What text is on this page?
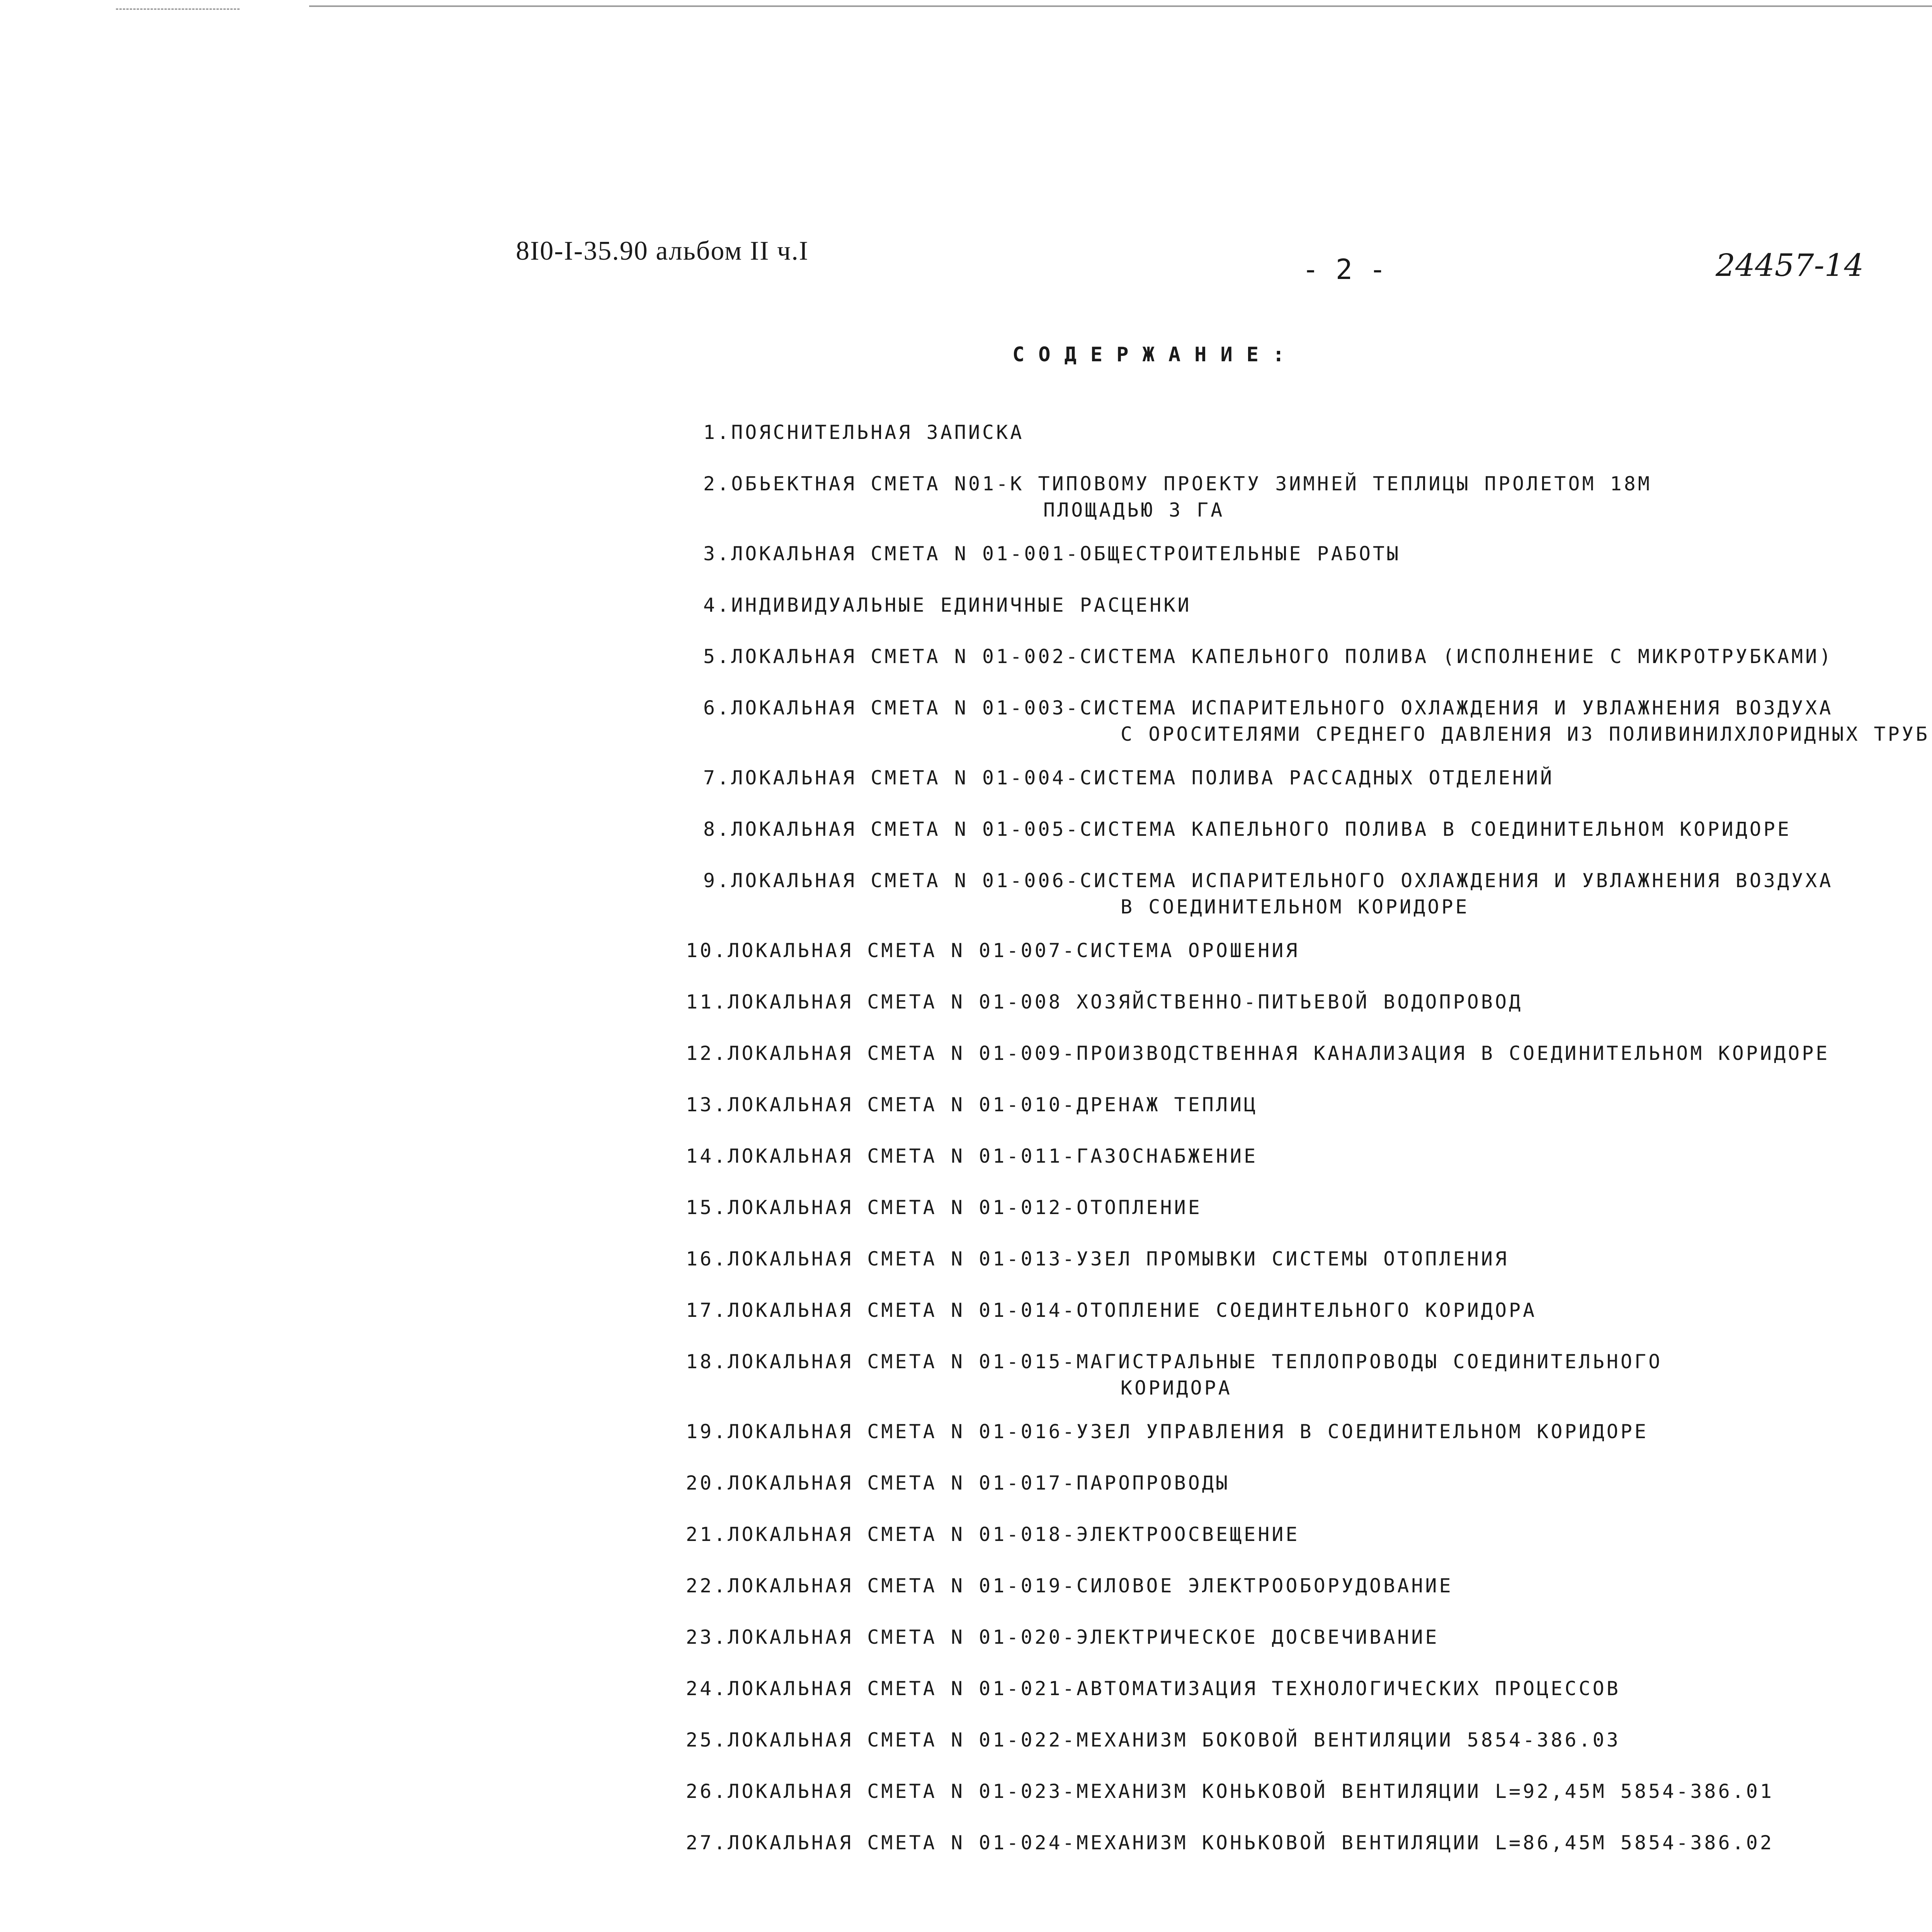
8I0-I-35.90 альбом II ч.I
- 2 -	24457-14
СОДЕРЖАНИЕ:
1.ПОЯСНИТЕЛЬНАЯ ЗАПИСКА
2.ОБЬЕКТНАЯ СМЕТА N01-К ТИПОВОМУ ПРОЕКТУ ЗИМНЕЙ ТЕПЛИЦЫ ПРОЛЕТОМ 18М
ПЛОЩАДЬЮ 3 ГА
3.ЛОКАЛЬНАЯ СМЕТА N 01-001-ОБЩЕСТРОИТЕЛЬНЫЕ РАБОТЫ
4.ИНДИВИДУАЛЬНЫЕ ЕДИНИЧНЫЕ РАСЦЕНКИ
5.ЛОКАЛЬНАЯ СМЕТА N 01-002-СИСТЕМА КАПЕЛЬНОГО ПОЛИВА (ИСПОЛНЕНИЕ С МИКРОТРУБКАМИ)
6.ЛОКАЛЬНАЯ СМЕТА N 01-003-СИСТЕМА ИСПАРИТЕЛЬНОГО ОХЛАЖДЕНИЯ И УВЛАЖНЕНИЯ ВОЗДУХА
С ОРОСИТЕЛЯМИ СРЕДНЕГО ДАВЛЕНИЯ ИЗ ПОЛИВИНИЛХЛОРИДНЫХ ТРУБ
7.ЛОКАЛЬНАЯ СМЕТА N 01-004-СИСТЕМА ПОЛИВА РАССАДНЫХ ОТДЕЛЕНИЙ
8.ЛОКАЛЬНАЯ СМЕТА N 01-005-СИСТЕМА КАПЕЛЬНОГО ПОЛИВА В СОЕДИНИТЕЛЬНОМ КОРИДОРЕ
9.ЛОКАЛЬНАЯ СМЕТА N 01-006-СИСТЕМА ИСПАРИТЕЛЬНОГО ОХЛАЖДЕНИЯ И УВЛАЖНЕНИЯ ВОЗДУХА
В СОЕДИНИТЕЛЬНОМ КОРИДОРЕ
10.ЛОКАЛЬНАЯ СМЕТА N 01-007-СИСТЕМА ОРОШЕНИЯ
11.ЛОКАЛЬНАЯ СМЕТА N 01-008 ХОЗЯЙСТВЕННО-ПИТЬЕВОЙ ВОДОПРОВОД
12.ЛОКАЛЬНАЯ СМЕТА N 01-009-ПРОИЗВОДСТВЕННАЯ КАНАЛИЗАЦИЯ В СОЕДИНИТЕЛЬНОМ КОРИДОРЕ
13.ЛОКАЛЬНАЯ СМЕТА N 01-010-ДРЕНАЖ ТЕПЛИЦ
14.ЛОКАЛЬНАЯ СМЕТА N 01-011-ГАЗОСНАБЖЕНИЕ
15.ЛОКАЛЬНАЯ СМЕТА N 01-012-ОТОПЛЕНИЕ
16.ЛОКАЛЬНАЯ СМЕТА N 01-013-УЗЕЛ ПРОМЫВКИ СИСТЕМЫ ОТОПЛЕНИЯ
17.ЛОКАЛЬНАЯ СМЕТА N 01-014-ОТОПЛЕНИЕ СОЕДИНТЕЛЬНОГО КОРИДОРА
18.ЛОКАЛЬНАЯ СМЕТА N 01-015-МАГИСТРАЛЬНЫЕ ТЕПЛОПРОВОДЫ СОЕДИНИТЕЛЬНОГО
КОРИДОРА
19.ЛОКАЛЬНАЯ СМЕТА N 01-016-УЗЕЛ УПРАВЛЕНИЯ В СОЕДИНИТЕЛЬНОМ КОРИДОРЕ
20.ЛОКАЛЬНАЯ СМЕТА N 01-017-ПАРОПРОВОДЫ
21.ЛОКАЛЬНАЯ СМЕТА N 01-018-ЭЛЕКТРООСВЕЩЕНИЕ
22.ЛОКАЛЬНАЯ СМЕТА N 01-019-СИЛОВОЕ ЭЛЕКТРООБОРУДОВАНИЕ
23.ЛОКАЛЬНАЯ СМЕТА N 01-020-ЭЛЕКТРИЧЕСКОЕ ДОСВЕЧИВАНИЕ
24.ЛОКАЛЬНАЯ СМЕТА N 01-021-АВТОМАТИЗАЦИЯ ТЕХНОЛОГИЧЕСКИХ ПРОЦЕССОВ
25.ЛОКАЛЬНАЯ СМЕТА N 01-022-МЕХАНИЗМ БОКОВОЙ ВЕНТИЛЯЦИИ 5854-386.03
26.ЛОКАЛЬНАЯ СМЕТА N 01-023-МЕХАНИЗМ КОНЬКОВОЙ ВЕНТИЛЯЦИИ L=92,45М 5854-386.01
27.ЛОКАЛЬНАЯ СМЕТА N 01-024-МЕХАНИЗМ КОНЬКОВОЙ ВЕНТИЛЯЦИИ L=86,45М 5854-386.02
